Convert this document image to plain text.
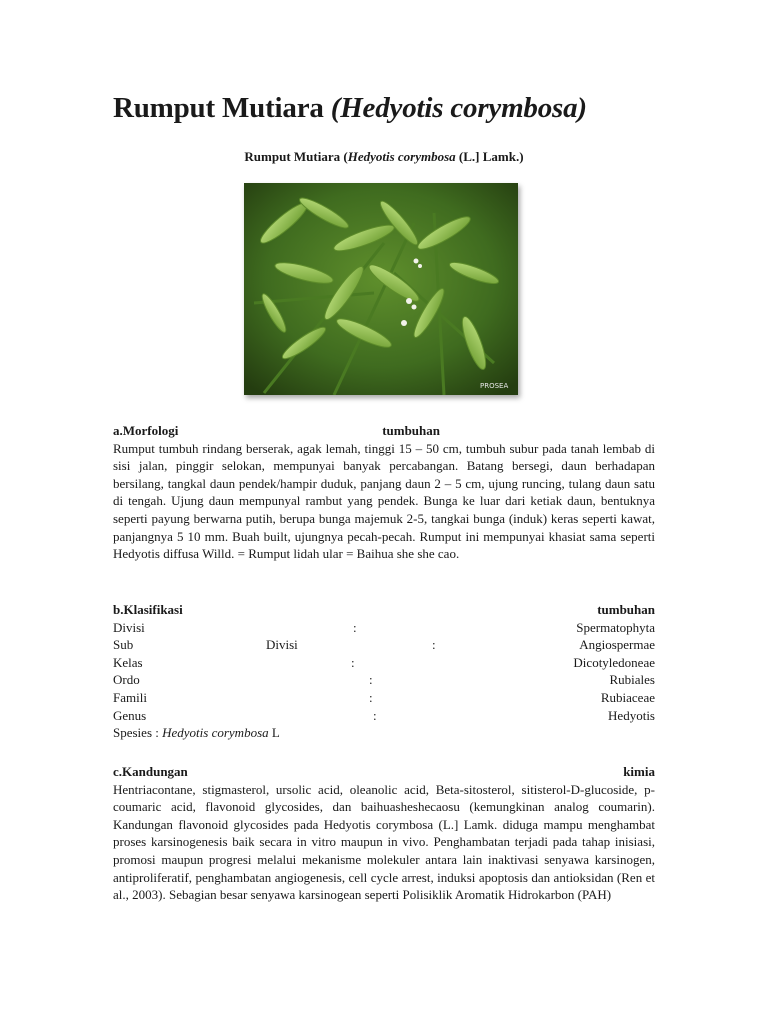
Rumput Mutiara (Hedyotis corymbosa)
Rumput Mutiara (Hedyotis corymbosa (L.] Lamk.)
PROSEA
a.Morfologi	tumbuhan

Rumput tumbuh rindang berserak, agak lemah, tinggi 15 – 50 cm, tumbuh subur pada tanah lembab di sisi jalan, pinggir selokan, mempunyai banyak percabangan. Batang bersegi, daun berhadapan bersilang, tangkal daun pendek/hampir duduk, panjang daun 2 – 5 cm, ujung runcing, tulang daun satu di tengah. Ujung daun mempunyal rambut yang pendek. Bunga ke luar dari ketiak daun, bentuknya seperti payung berwarna putih, berupa bunga majemuk 2-5, tangkai bunga (induk) keras seperti kawat, panjangnya 5 10 mm. Buah built, ujungnya pecah-pecah. Rumput ini mempunyai khasiat sama seperti Hedyotis diffusa Willd. = Rumput lidah ular = Baihua she she cao.

b.Klasifikasi	tumbuhan
Divisi	:	Spermatophyta
Sub	Divisi	:	Angiospermae
Kelas	:	Dicotyledoneae
Ordo	:	Rubiales
Famili	:	Rubiaceae
Genus	:	Hedyotis
Spesies : Hedyotis corymbosa L
c.Kandungan	kimia

Hentriacontane, stigmasterol, ursolic acid, oleanolic acid, Beta-sitosterol, sitisterol-D-glucoside, p-coumaric acid, flavonoid glycosides, dan baihuasheshecaosu (kemungkinan analog coumarin). Kandungan flavonoid glycosides pada Hedyotis corymbosa (L.] Lamk. diduga mampu menghambat proses karsinogenesis baik secara in vitro maupun in vivo. Penghambatan terjadi pada tahap inisiasi, promosi maupun progresi melalui mekanisme molekuler antara lain inaktivasi senyawa karsinogen, antiproliferatif, penghambatan angiogenesis, cell cycle arrest, induksi apoptosis dan antioksidan (Ren et al., 2003). Sebagian besar senyawa karsinogean seperti Polisiklik Aromatik Hidrokarbon (PAH)
